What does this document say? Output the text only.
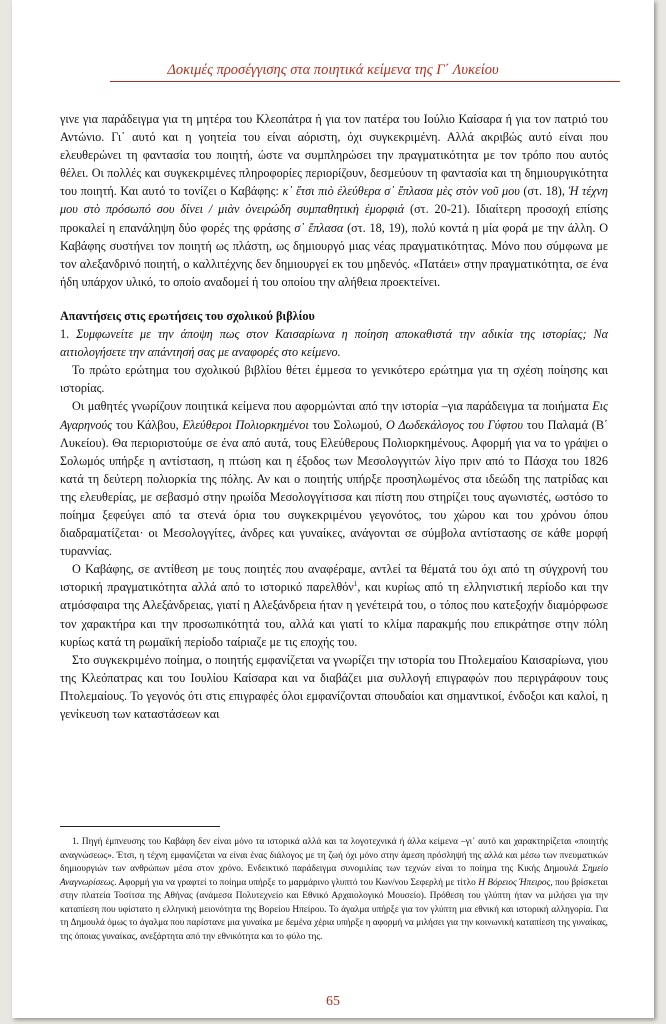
Δοκιμές προσέγγισης στα ποιητικά κείμενα της Γ΄ Λυκείου

γινε για παράδειγμα για τη μητέρα του Κλεοπάτρα ή για τον πατέρα του Ιούλιο Καίσαρα ή για τον πατριό του Αντώνιο. Γι᾽ αυτό και η γοητεία του είναι αόριστη, όχι συγκεκριμένη. Αλλά ακριβώς αυτό είναι που ελευθερώνει τη φαντασία του ποιητή, ώστε να συμπληρώσει την πραγματικότητα με τον τρόπο που αυτός θέλει. Οι πολλές και συγκεκριμένες πληροφορίες περιορίζουν, δεσμεύουν τη φαντασία και τη δημιουργικότητα του ποιητή. Και αυτό το τονίζει ο Καβάφης: κ᾽ ἔτσι πιὸ ἐλεύθερα σ᾽ ἔπλασα μὲς στὸν νοῦ μου (στ. 18), Ἡ τέχνη μου στὸ πρόσωπό σου δίνει / μιὰν ὀνειρώδη συμπαθητικὴ ἐμορφιά (στ. 20-21). Ιδιαίτερη προσοχή επίσης προκαλεί η επανάληψη δύο φορές της φράσης σ᾽ ἔπλασα (στ. 18, 19), πολύ κοντά η μία φορά με την άλλη. Ο Καβάφης συστήνει τον ποιητή ως πλάστη, ως δημιουργό μιας νέας πραγματικότητας. Μόνο που σύμφωνα με τον αλεξανδρινό ποιητή, ο καλλιτέχνης δεν δημιουργεί εκ του μηδενός. «Πατάει» στην πραγματικότητα, σε ένα ήδη υπάρχον υλικό, το οποίο αναδομεί ή του οποίου την αλήθεια προεκτείνει.

Απαντήσεις στις ερωτήσεις του σχολικού βιβλίου

1. Συμφωνείτε με την άποψη πως στον Καισαρίωνα η ποίηση αποκαθιστά την αδικία της ιστορίας; Να αιτιολογήσετε την απάντησή σας με αναφορές στο κείμενο.

Το πρώτο ερώτημα του σχολικού βιβλίου θέτει έμμεσα το γενικότερο ερώτημα για τη σχέση ποίησης και ιστορίας.

Οι μαθητές γνωρίζουν ποιητικά κείμενα που αφορμώνται από την ιστορία –για παράδειγμα τα ποιήματα Εις Αγαρηνούς του Κάλβου, Ελεύθεροι Πολιορκημένοι του Σολωμού, Ο Δωδεκάλογος του Γύφτου του Παλαμά (Β΄ Λυκείου). Θα περιοριστούμε σε ένα από αυτά, τους Ελεύθερους Πολιορκημένους. Αφορμή για να το γράψει ο Σολωμός υπήρξε η αντίσταση, η πτώση και η έξοδος των Μεσολογγιτών λίγο πριν από το Πάσχα του 1826 κατά τη δεύτερη πολιορκία της πόλης. Αν και ο ποιητής υπήρξε προσηλωμένος στα ιδεώδη της πατρίδας και της ελευθερίας, με σεβασμό στην ηρωίδα Μεσολογγίτισσα και πίστη που στηρίζει τους αγωνιστές, ωστόσο το ποίημα ξεφεύγει από τα στενά όρια του συγκεκριμένου γεγονότος, του χώρου και του χρόνου όπου διαδραματίζεται· οι Μεσολογγίτες, άνδρες και γυναίκες, ανάγονται σε σύμβολα αντίστασης σε κάθε μορφή τυραννίας.

Ο Καβάφης, σε αντίθεση με τους ποιητές που αναφέραμε, αντλεί τα θέματά του όχι από τη σύγχρονή του ιστορική πραγματικότητα αλλά από το ιστορικό παρελθόν$^1$, και κυρίως από τη ελληνιστική περίοδο και την ατμόσφαιρα της Αλεξάνδρειας, γιατί η Αλεξάνδρεια ήταν η γενέτειρά του, ο τόπος που κατεξοχήν διαμόρφωσε τον χαρακτήρα και την προσωπικότητά του, αλλά και γιατί το κλίμα παρακμής που επικράτησε στην πόλη κυρίως κατά τη ρωμαϊκή περίοδο ταίριαζε με τις εποχής του.

Στο συγκεκριμένο ποίημα, ο ποιητής εμφανίζεται να γνωρίζει την ιστορία του Πτολεμαίου Καισαρίωνα, γιου της Κλεόπατρας και του Ιουλίου Καίσαρα και να διαβάζει μια συλλογή επιγραφών που περιγράφουν τους Πτολεμαίους. Το γεγονός ότι στις επιγραφές όλοι εμφανίζονται σπουδαίοι και σημαντικοί, ένδοξοι και καλοί, η γενίκευση των καταστάσεων και

1. Πηγή έμπνευσης του Καβάφη δεν είναι μόνο τα ιστορικά αλλά και τα λογοτεχνικά ή άλλα κείμενα –γι᾽ αυτό και χαρακτηρίζεται «ποιητής αναγνώσεως». Έτσι, η τέχνη εμφανίζεται να είναι ένας διάλογος με τη ζωή όχι μόνο στην άμεση πρόσληψή της αλλά και μέσω των πνευματικών δημιουργιών των ανθρώπων μέσα στον χρόνο. Ενδεικτικό παράδειγμα συνομιλίας των τεχνών είναι το ποίημα της Κικής Δημουλά Σημείο Αναγνωρίσεως. Αφορμή για να γραφτεί το ποίημα υπήρξε το μαρμάρινο γλυπτό του Κων/νου Σεφερλή με τίτλο Η Βόρειος Ήπειρος, που βρίσκεται στην πλατεία Τοσίτσα της Αθήνας (ανάμεσα Πολυτεχνείο και Εθνικό Αρχαιολογικό Μουσείο). Πρόθεση του γλύπτη ήταν να μιλήσει για την καταπίεση που υφίστατο η ελληνική μειονότητα της Βορείου Ηπείρου. Το άγαλμα υπήρξε για τον γλύπτη μια εθνική και ιστορική αλληγορία. Για τη Δημουλά όμως το άγαλμα που παρίστανε μια γυναίκα με δεμένα χέρια υπήρξε η αφορμή να μιλήσει για την κοινωνική καταπίεση της γυναίκας, της όποιας γυναίκας, ανεξάρτητα από την εθνικότητα και το φύλο της.

65
